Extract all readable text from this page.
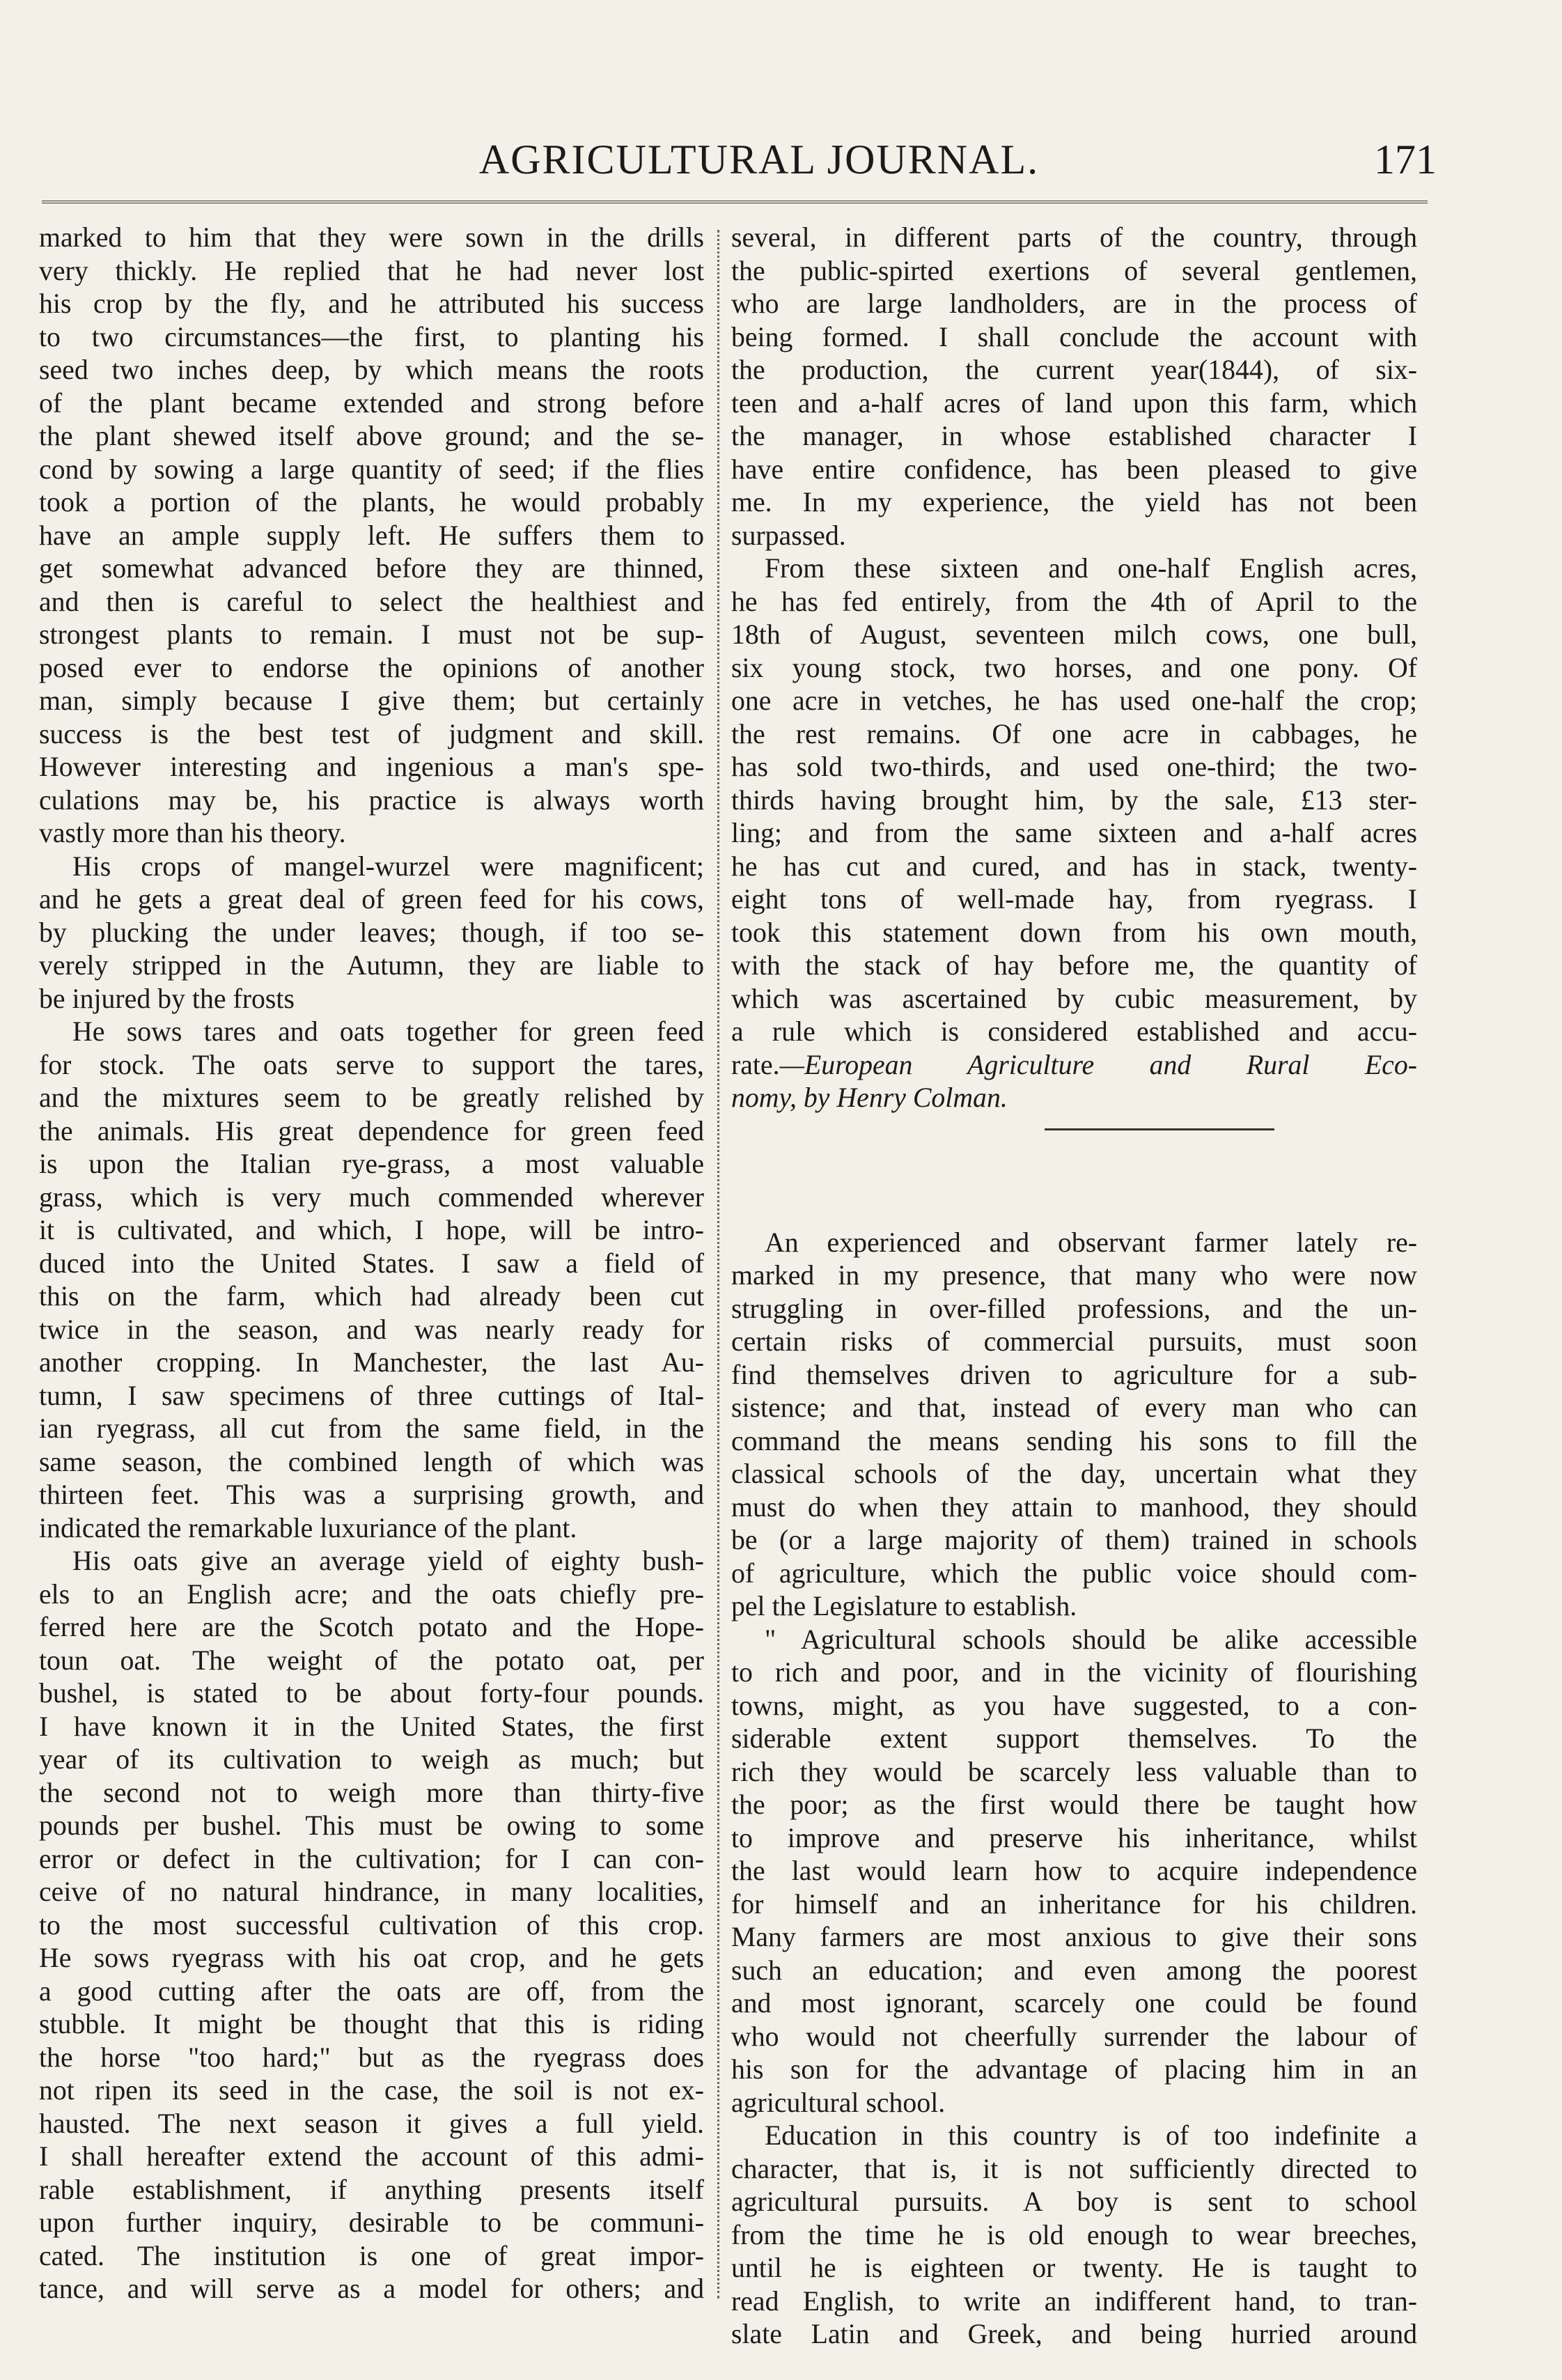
AGRICULTURAL JOURNAL.	171
marked to him that they were sown in the drills
very thickly. He replied that he had never lost
his crop by the fly, and he attributed his success
to two circumstances—the first, to planting his
seed two inches deep, by which means the roots
of the plant became extended and strong before
the plant shewed itself above ground; and the se-
cond by sowing a large quantity of seed; if the flies
took a portion of the plants, he would probably
have an ample supply left. He suffers them to
get somewhat advanced before they are thinned,
and then is careful to select the healthiest and
strongest plants to remain. I must not be sup-
posed ever to endorse the opinions of another
man, simply because I give them; but certainly
success is the best test of judgment and skill.
However interesting and ingenious a man's spe-
culations may be, his practice is always worth
vastly more than his theory.
His crops of mangel-wurzel were magnificent;
and he gets a great deal of green feed for his cows,
by plucking the under leaves; though, if too se-
verely stripped in the Autumn, they are liable to
be injured by the frosts
He sows tares and oats together for green feed
for stock. The oats serve to support the tares,
and the mixtures seem to be greatly relished by
the animals. His great dependence for green feed
is upon the Italian rye-grass, a most valuable
grass, which is very much commended wherever
it is cultivated, and which, I hope, will be intro-
duced into the United States. I saw a field of
this on the farm, which had already been cut
twice in the season, and was nearly ready for
another cropping. In Manchester, the last Au-
tumn, I saw specimens of three cuttings of Ital-
ian ryegrass, all cut from the same field, in the
same season, the combined length of which was
thirteen feet. This was a surprising growth, and
indicated the remarkable luxuriance of the plant.
His oats give an average yield of eighty bush-
els to an English acre; and the oats chiefly pre-
ferred here are the Scotch potato and the Hope-
toun oat. The weight of the potato oat, per
bushel, is stated to be about forty-four pounds.
I have known it in the United States, the first
year of its cultivation to weigh as much; but
the second not to weigh more than thirty-five
pounds per bushel. This must be owing to some
error or defect in the cultivation; for I can con-
ceive of no natural hindrance, in many localities,
to the most successful cultivation of this crop.
He sows ryegrass with his oat crop, and he gets
a good cutting after the oats are off, from the
stubble. It might be thought that this is riding
the horse "too hard;" but as the ryegrass does
not ripen its seed in the case, the soil is not ex-
hausted. The next season it gives a full yield.
I shall hereafter extend the account of this admi-
rable establishment, if anything presents itself
upon further inquiry, desirable to be communi-
cated. The institution is one of great impor-
tance, and will serve as a model for others; and
several, in different parts of the country, through
the public-spirted exertions of several gentlemen,
who are large landholders, are in the process of
being formed. I shall conclude the account with
the production, the current year(1844), of six-
teen and a-half acres of land upon this farm, which
the manager, in whose established character I
have entire confidence, has been pleased to give
me. In my experience, the yield has not been
surpassed.
From these sixteen and one-half English acres,
he has fed entirely, from the 4th of April to the
18th of August, seventeen milch cows, one bull,
six young stock, two horses, and one pony. Of
one acre in vetches, he has used one-half the crop;
the rest remains. Of one acre in cabbages, he
has sold two-thirds, and used one-third; the two-
thirds having brought him, by the sale, £13 ster-
ling; and from the same sixteen and a-half acres
he has cut and cured, and has in stack, twenty-
eight tons of well-made hay, from ryegrass. I
took this statement down from his own mouth,
with the stack of hay before me, the quantity of
which was ascertained by cubic measurement, by
a rule which is considered established and accu-
rate.—European Agriculture and Rural Eco-
nomy, by Henry Colman.
An experienced and observant farmer lately re-
marked in my presence, that many who were now
struggling in over-filled professions, and the un-
certain risks of commercial pursuits, must soon
find themselves driven to agriculture for a sub-
sistence; and that, instead of every man who can
command the means sending his sons to fill the
classical schools of the day, uncertain what they
must do when they attain to manhood, they should
be (or a large majority of them) trained in schools
of agriculture, which the public voice should com-
pel the Legislature to establish.
" Agricultural schools should be alike accessible
to rich and poor, and in the vicinity of flourishing
towns, might, as you have suggested, to a con-
siderable extent support themselves. To the
rich they would be scarcely less valuable than to
the poor; as the first would there be taught how
to improve and preserve his inheritance, whilst
the last would learn how to acquire independence
for himself and an inheritance for his children.
Many farmers are most anxious to give their sons
such an education; and even among the poorest
and most ignorant, scarcely one could be found
who would not cheerfully surrender the labour of
his son for the advantage of placing him in an
agricultural school.
Education in this country is of too indefinite a
character, that is, it is not sufficiently directed to
agricultural pursuits. A boy is sent to school
from the time he is old enough to wear breeches,
until he is eighteen or twenty. He is taught to
read English, to write an indifferent hand, to tran-
slate Latin and Greek, and being hurried around
